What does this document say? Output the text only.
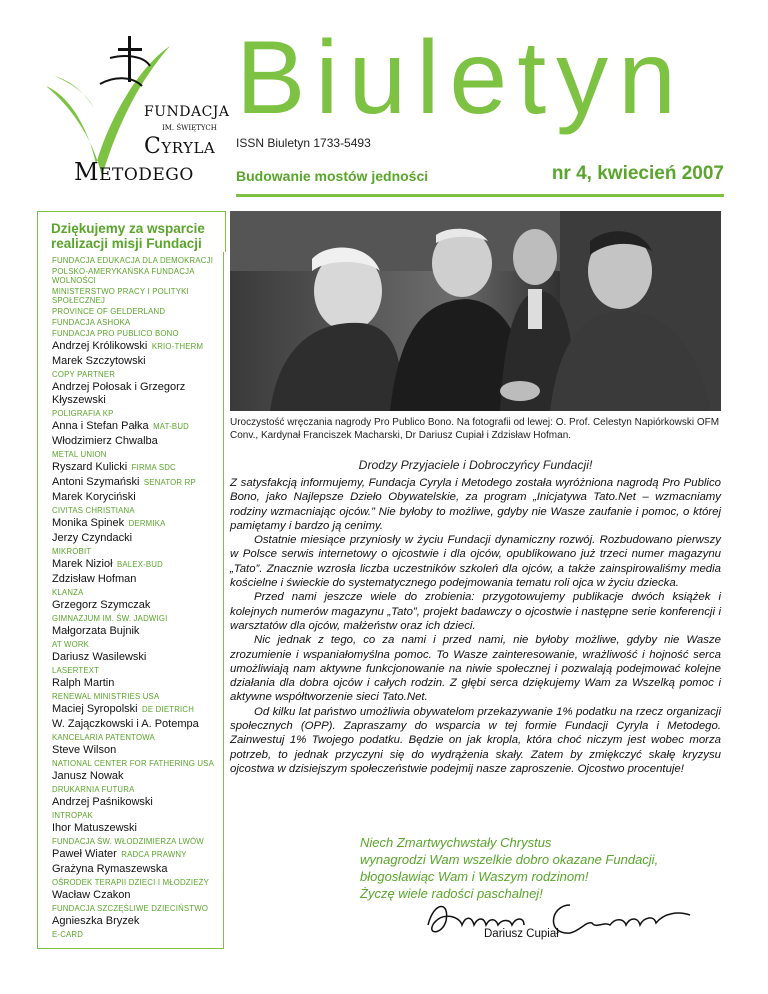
FUNDACJA
IM. ŚWIĘTYCH
Cyryla
Metodego
Biuletyn
ISSN Biuletyn 1733-5493
Budowanie mostów jedności	nr 4, kwiecień 2007
Dziękujemy za wsparcie realizacji misji Fundacji
FUNDACJA EDUKACJA DLA DEMOKRACJI
POLSKO-AMERYKAŃSKA FUNDACJA WOLNOŚCI
MINISTERSTWO PRACY I POLITYKI SPOŁECZNEJ
PROVINCE OF GELDERLAND
FUNDACJA ASHOKA
FUNDACJA PRO PUBLICO BONO
Andrzej Królikowski KRIO-THERM
Marek Szczytowski
COPY PARTNER
Andrzej Połosak i Grzegorz Kłyszewski
POLIGRAFIA KP
Anna i Stefan Pałka MAT-BUD
Włodzimierz Chwalba
METAL UNION
Ryszard Kulicki FIRMA SDC
Antoni Szymański SENATOR RP
Marek Koryciński
CIVITAS CHRISTIANA
Monika Spinek DERMIKA
Jerzy Czyndacki
MIKROBIT
Marek Nizioł BALEX-BUD
Zdzisław Hofman
KLANZA
Grzegorz Szymczak
GIMNAZJUM IM. ŚW. JADWIGI
Małgorzata Bujnik
AT WORK
Dariusz Wasilewski
LASERTEXT
Ralph Martin
RENEWAL MINISTRIES USA
Maciej Syropolski DE DIETRICH
W. Zajączkowski i A. Potempa
KANCELARIA PATENTOWA
Steve Wilson
NATIONAL CENTER FOR FATHERING USA
Janusz Nowak
DRUKARNIA FUTURA
Andrzej Paśnikowski
INTROPAK
Ihor Matuszewski
FUNDACJA ŚW. WŁODZIMIERZA LWÓW
Paweł Wiater RADCA PRAWNY
Grażyna Rymaszewska
OŚRODEK TERAPII DZIECI I MŁODZIEŻY
Wacław Czakon
FUNDACJA SZCZĘŚLIWE DZIECIŃSTWO
Agnieszka Bryzek
E-CARD
Uroczystość wręczania nagrody Pro Publico Bono. Na fotografii od lewej: O. Prof. Celestyn Napiórkowski OFM Conv., Kardynał Franciszek Macharski, Dr Dariusz Cupiał i Zdzisław Hofman.
Drodzy Przyjaciele i Dobroczyńcy Fundacji!

Z satysfakcją informujemy, Fundacja Cyryla i Metodego została wyróżniona nagrodą Pro Publico Bono, jako Najlepsze Dzieło Obywatelskie, za program „Inicjatywa Tato.Net – wzmacniamy rodziny wzmacniając ojców.” Nie byłoby to możliwe, gdyby nie Wasze zaufanie i pomoc, o której pamiętamy i bardzo ją cenimy.

Ostatnie miesiące przyniosły w życiu Fundacji dynamiczny rozwój. Rozbudowano pierwszy w Polsce serwis internetowy o ojcostwie i dla ojców, opublikowano już trzeci numer magazynu „Tato”. Znacznie wzrosła liczba uczestników szkoleń dla ojców, a także zainspirowaliśmy media kościelne i świeckie do systematycznego podejmowania tematu roli ojca w życiu dziecka.

Przed nami jeszcze wiele do zrobienia: przygotowujemy publikacje dwóch książek i kolejnych numerów magazynu „Tato”, projekt badawczy o ojcostwie i następne serie konferencji i warsztatów dla ojców, małżeństw oraz ich dzieci.

Nic jednak z tego, co za nami i przed nami, nie byłoby możliwe, gdyby nie Wasze zrozumienie i wspaniałomyślna pomoc. To Wasze zainteresowanie, wrażliwość i hojność serca umożliwiają nam aktywne funkcjonowanie na niwie społecznej i pozwalają podejmować kolejne działania dla dobra ojców i całych rodzin. Z głębi serca dziękujemy Wam za Wszelką pomoc i aktywne współtworzenie sieci Tato.Net.

Od kilku lat państwo umożliwia obywatelom przekazywanie 1% podatku na rzecz organizacji społecznych (OPP). Zapraszamy do wsparcia w tej formie Fundacji Cyryla i Metodego. Zainwestuj 1% Twojego podatku. Będzie on jak kropla, która choć niczym jest wobec morza potrzeb, to jednak przyczyni się do wydrążenia skały. Zatem by zmiękczyć skałę kryzysu ojcostwa w dzisiejszym społeczeństwie podejmij nasze zaproszenie. Ojcostwo procentuje!

Niech Zmartwychwstały Chrystus
wynagrodzi Wam wszelkie dobro okazane Fundacji,
błogosławiąc Wam i Waszym rodzinom!
Życzę wiele radości paschalnej!
Dariusz Cupiał
